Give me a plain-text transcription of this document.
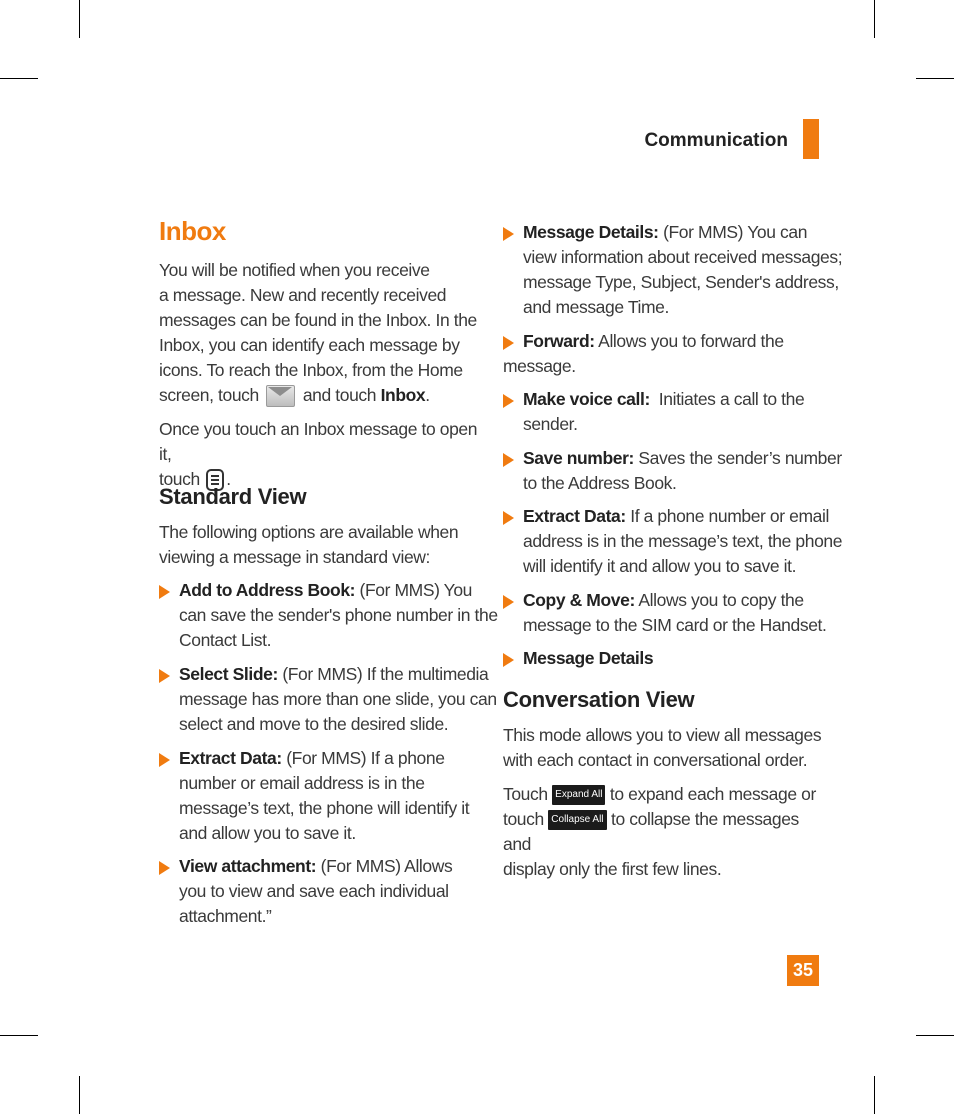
Communication
Inbox

You will be notified when you receive
a message. New and recently received
messages can be found in the Inbox. In the
Inbox, you can identify each message by
icons. To reach the Inbox, from the Home
screen, touch	and touch Inbox.

Once you touch an Inbox message to open it,
touch .

Standard View

The following options are available when
viewing a message in standard view:

Add to Address Book: (For MMS) You
can save the sender's phone number in the
Contact List.
Select Slide: (For MMS) If the multimedia
message has more than one slide, you can
select and move to the desired slide.
Extract Data: (For MMS) If a phone
number or email address is in the
message’s text, the phone will identify it
and allow you to save it.
View attachment: (For MMS) Allows
you to view and save each individual
attachment.”
Message Details: (For MMS) You can
view information about received messages;
message Type, Subject, Sender's address,
and message Time.
Forward: Allows you to forward the
message.
Make voice call:  Initiates a call to the
sender.
Save number: Saves the sender’s number
to the Address Book.
Extract Data: If a phone number or email
address is in the message’s text, the phone
will identify it and allow you to save it.
Copy & Move: Allows you to copy the
message to the SIM card or the Handset.
Message Details
Conversation View

This mode allows you to view all messages
with each contact in conversational order.

Touch Expand All to expand each message or
touch Collapse All to collapse the messages and
display only the first few lines.

35
